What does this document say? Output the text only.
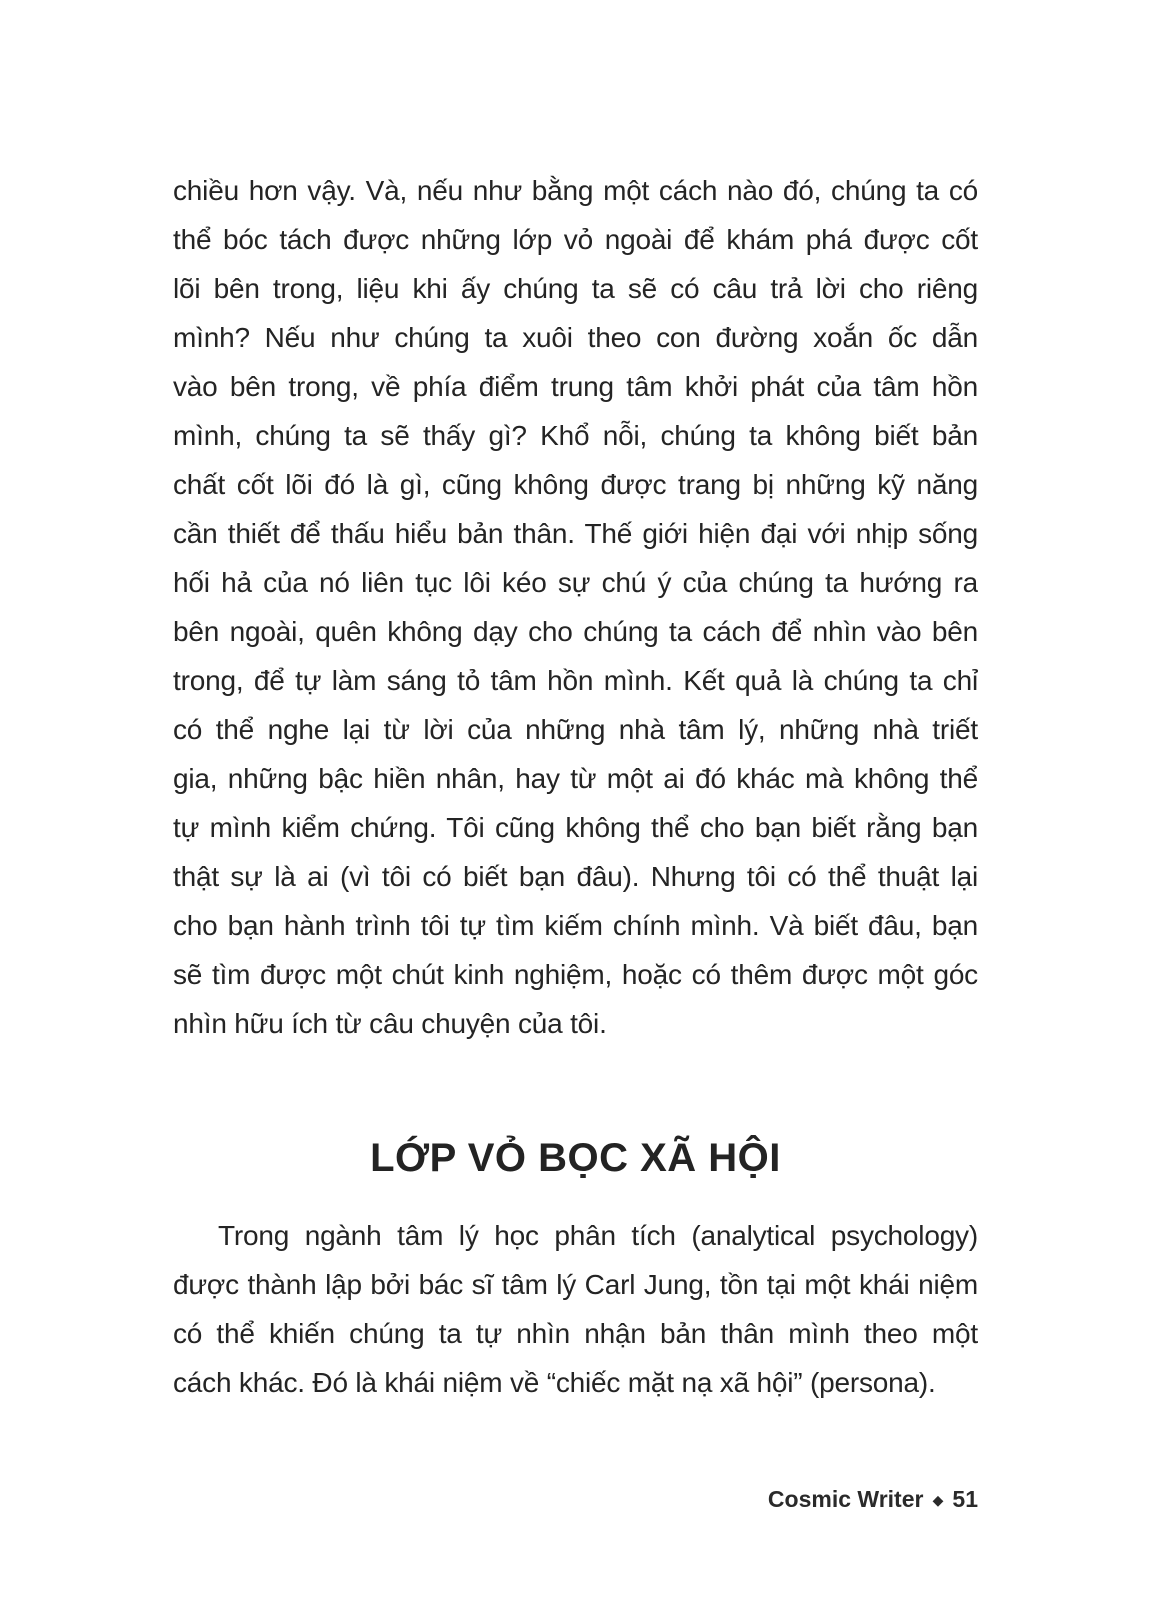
chiều hơn vậy. Và, nếu như bằng một cách nào đó, chúng ta có
thể bóc tách được những lớp vỏ ngoài để khám phá được cốt
lõi bên trong, liệu khi ấy chúng ta sẽ có câu trả lời cho riêng
mình? Nếu như chúng ta xuôi theo con đường xoắn ốc dẫn
vào bên trong, về phía điểm trung tâm khởi phát của tâm hồn
mình, chúng ta sẽ thấy gì? Khổ nỗi, chúng ta không biết bản
chất cốt lõi đó là gì, cũng không được trang bị những kỹ năng
cần thiết để thấu hiểu bản thân. Thế giới hiện đại với nhịp sống
hối hả của nó liên tục lôi kéo sự chú ý của chúng ta hướng ra
bên ngoài, quên không dạy cho chúng ta cách để nhìn vào bên
trong, để tự làm sáng tỏ tâm hồn mình. Kết quả là chúng ta chỉ
có thể nghe lại từ lời của những nhà tâm lý, những nhà triết
gia, những bậc hiền nhân, hay từ một ai đó khác mà không thể
tự mình kiểm chứng. Tôi cũng không thể cho bạn biết rằng bạn
thật sự là ai (vì tôi có biết bạn đâu). Nhưng tôi có thể thuật lại
cho bạn hành trình tôi tự tìm kiếm chính mình. Và biết đâu, bạn
sẽ tìm được một chút kinh nghiệm, hoặc có thêm được một góc
nhìn hữu ích từ câu chuyện của tôi.
LỚP VỎ BỌC XÃ HỘI
Trong ngành tâm lý học phân tích (analytical psychology)
được thành lập bởi bác sĩ tâm lý Carl Jung, tồn tại một khái niệm
có thể khiến chúng ta tự nhìn nhận bản thân mình theo một
cách khác. Đó là khái niệm về “chiếc mặt nạ xã hội” (persona).
Cosmic Writer ◆ 51
